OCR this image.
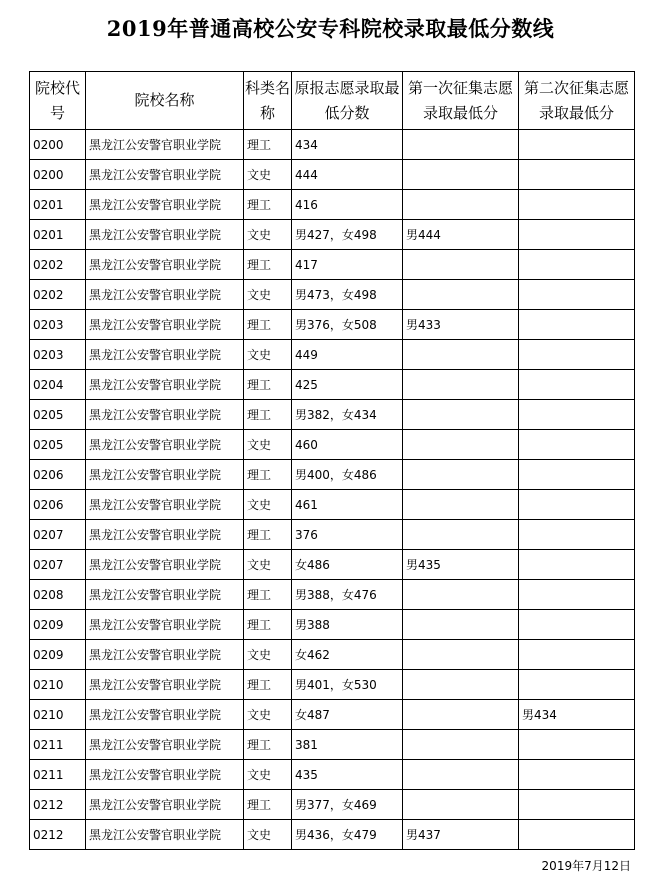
2019年普通高校公安专科院校录取最低分数线
院校代号	院校名称	科类名称	原报志愿录取最低分数	第一次征集志愿录取最低分	第二次征集志愿录取最低分
0200	黑龙江公安警官职业学院	理工	434		
0200	黑龙江公安警官职业学院	文史	444		
0201	黑龙江公安警官职业学院	理工	416		
0201	黑龙江公安警官职业学院	文史	男427，女498	男444	
0202	黑龙江公安警官职业学院	理工	417		
0202	黑龙江公安警官职业学院	文史	男473，女498		
0203	黑龙江公安警官职业学院	理工	男376，女508	男433	
0203	黑龙江公安警官职业学院	文史	449		
0204	黑龙江公安警官职业学院	理工	425		
0205	黑龙江公安警官职业学院	理工	男382，女434		
0205	黑龙江公安警官职业学院	文史	460		
0206	黑龙江公安警官职业学院	理工	男400，女486		
0206	黑龙江公安警官职业学院	文史	461		
0207	黑龙江公安警官职业学院	理工	376		
0207	黑龙江公安警官职业学院	文史	女486	男435	
0208	黑龙江公安警官职业学院	理工	男388，女476		
0209	黑龙江公安警官职业学院	理工	男388		
0209	黑龙江公安警官职业学院	文史	女462		
0210	黑龙江公安警官职业学院	理工	男401，女530		
0210	黑龙江公安警官职业学院	文史	女487		男434
0211	黑龙江公安警官职业学院	理工	381		
0211	黑龙江公安警官职业学院	文史	435		
0212	黑龙江公安警官职业学院	理工	男377，女469		
0212	黑龙江公安警官职业学院	文史	男436，女479	男437	
2019年7月12日
